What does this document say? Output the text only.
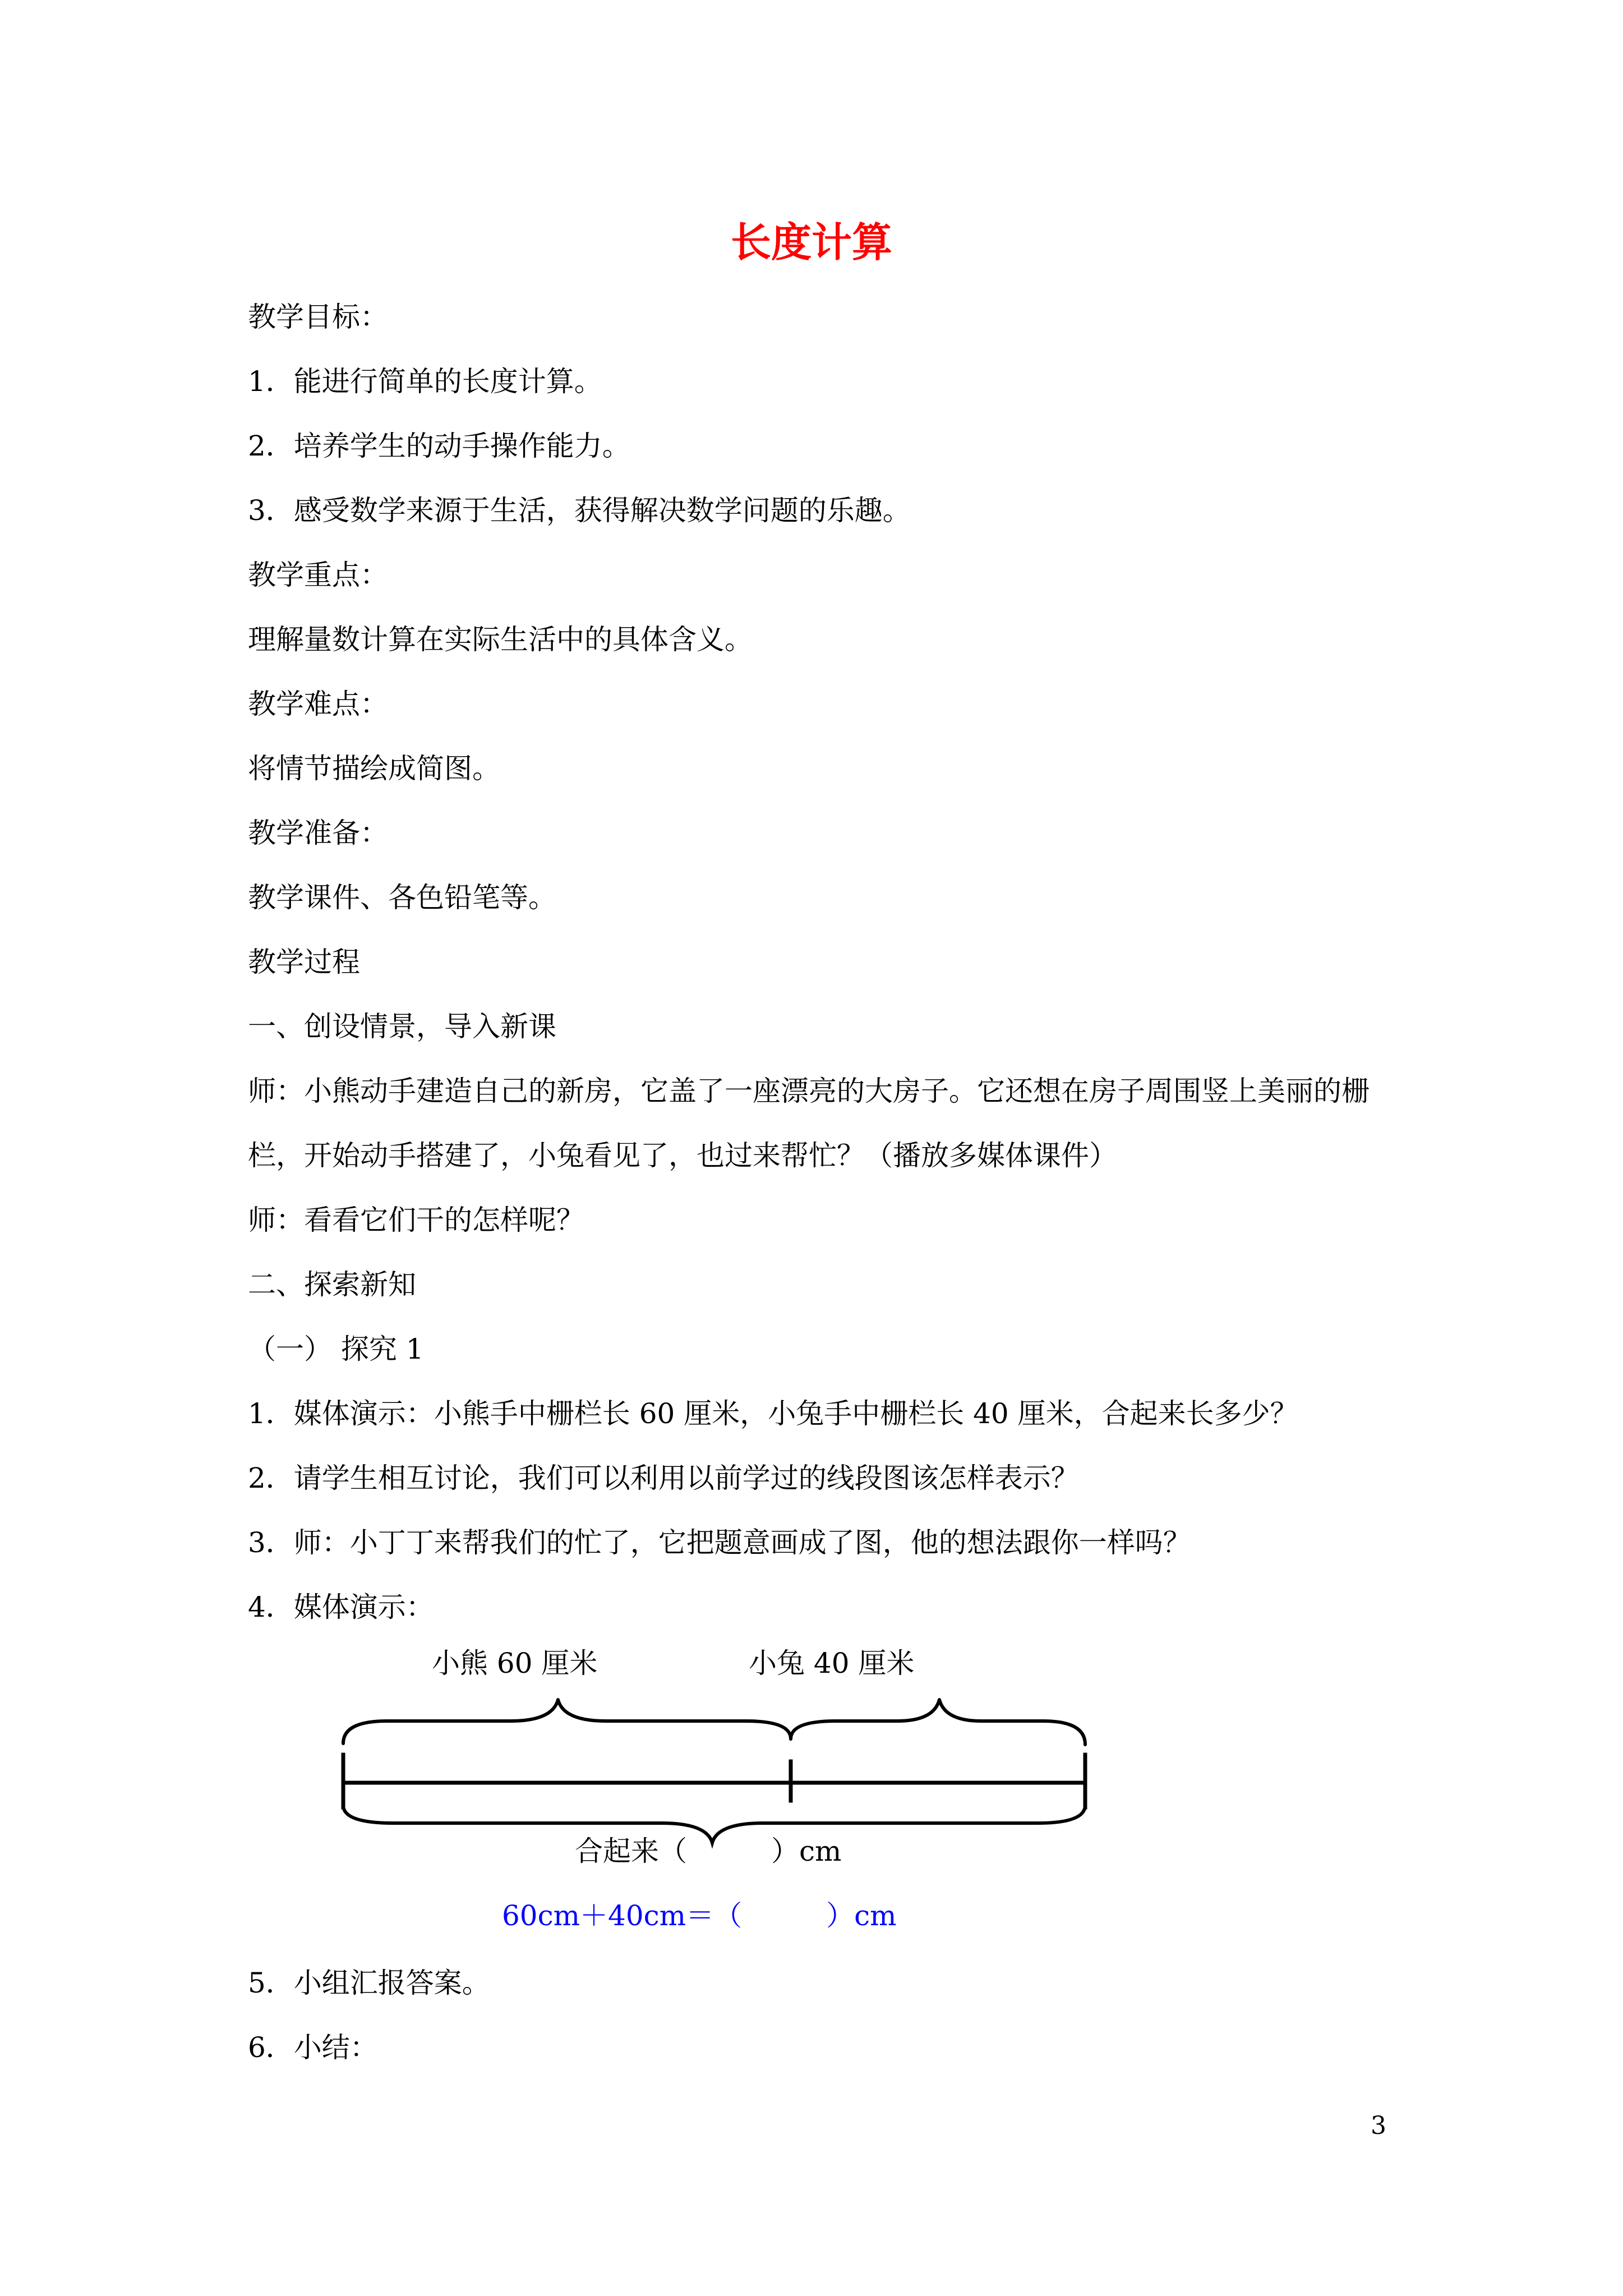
长度计算
教学目标：
1．能进行简单的长度计算。
2．培养学生的动手操作能力。
3．感受数学来源于生活，获得解决数学问题的乐趣。
教学重点：
理解量数计算在实际生活中的具体含义。
教学难点：
将情节描绘成简图。
教学准备：
教学课件、各色铅笔等。
教学过程
一、创设情景，导入新课
师：小熊动手建造自己的新房，它盖了一座漂亮的大房子。它还想在房子周围竖上美丽的栅
栏，开始动手搭建了，小兔看见了，也过来帮忙？（播放多媒体课件）
师：看看它们干的怎样呢？
二、探索新知
（一） 探究 1
1．媒体演示：小熊手中栅栏长 60 厘米，小兔手中栅栏长 40 厘米，合起来长多少？
2．请学生相互讨论，我们可以利用以前学过的线段图该怎样表示？
3．师：小丁丁来帮我们的忙了，它把题意画成了图，他的想法跟你一样吗？
4．媒体演示：
小熊 60 厘米	小兔 40 厘米
合起来（　　　）cm
60cm＋40cm＝（　　　）cm
5．小组汇报答案。
6．小结：
3
